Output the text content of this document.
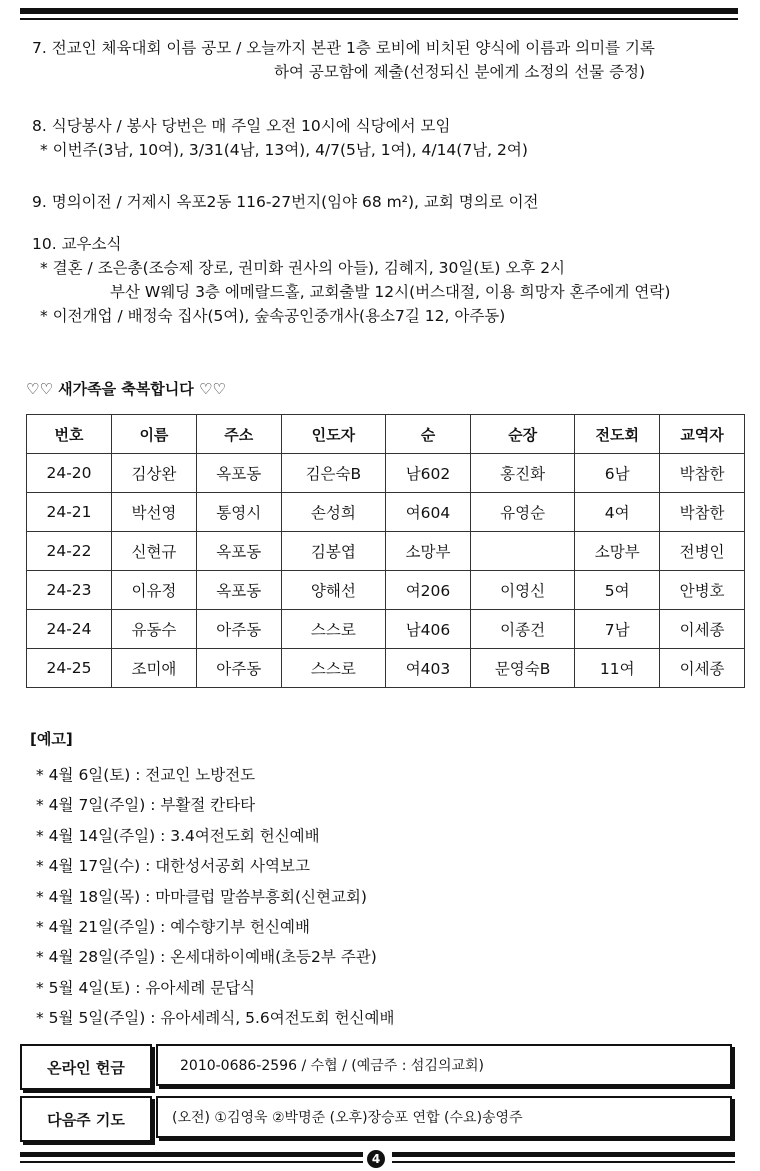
7. 전교인 체육대회 이름 공모 / 오늘까지 본관 1층 로비에 비치된 양식에 이름과 의미를 기록

하여 공모함에 제출(선정되신 분에게 소정의 선물 증정)

8. 식당봉사 / 봉사 당번은 매 주일 오전 10시에 식당에서 모임

* 이번주(3남, 10여), 3/31(4남, 13여), 4/7(5남, 1여), 4/14(7남, 2여)

9. 명의이전 / 거제시 옥포2동 116-27번지(임야 68 m²), 교회 명의로 이전

10. 교우소식

* 결혼 / 조은총(조승제 장로, 권미화 권사의 아들), 김혜지, 30일(토) 오후 2시

부산 W웨딩 3층 에메랄드홀, 교회출발 12시(버스대절, 이용 희망자 혼주에게 연락)

* 이전개업 / 배정숙 집사(5여), 숲속공인중개사(용소7길 12, 아주동)

♡♡ 새가족을 축복합니다 ♡♡
번호	이름	주소	인도자	순	순장	전도회	교역자
24-20	김상완	옥포동	김은숙B	남602	홍진화	6남	박참한
24-21	박선영	통영시	손성희	여604	유영순	4여	박참한
24-22	신현규	옥포동	김봉엽	소망부		소망부	전병인
24-23	이유정	옥포동	양해선	여206	이영신	5여	안병호
24-24	유동수	아주동	스스로	남406	이종건	7남	이세종
24-25	조미애	아주동	스스로	여403	문영숙B	11여	이세종
[예고]
* 4월 6일(토) : 전교인 노방전도
* 4월 7일(주일) : 부활절 칸타타
* 4월 14일(주일) : 3.4여전도회 헌신예배
* 4월 17일(수) : 대한성서공회 사역보고
* 4월 18일(목) : 마마클럽 말씀부흥회(신현교회)
* 4월 21일(주일) : 예수향기부 헌신예배
* 4월 28일(주일) : 온세대하이예배(초등2부 주관)
* 5월 4일(토) : 유아세례 문답식
* 5월 5일(주일) : 유아세례식, 5.6여전도회 헌신예배
온라인 헌금	2010-0686-2596 / 수협 / (예금주 : 섬김의교회)
다음주 기도	(오전) ①김영욱 ②박명준 (오후)장승포 연합 (수요)송영주
4
